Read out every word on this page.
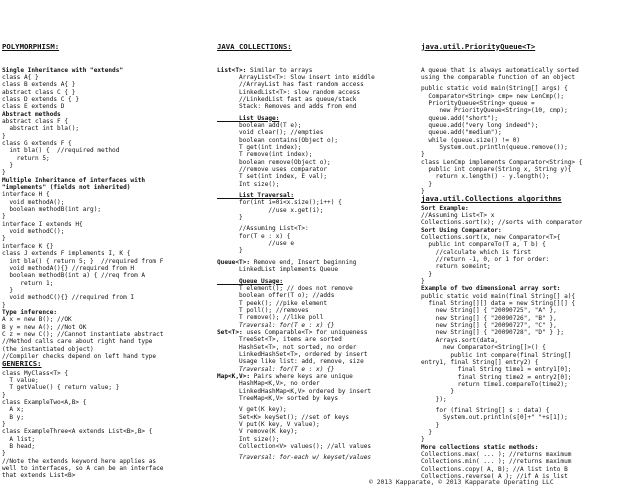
POLYMORPHISM:

Single Inheritance with "extends"
class A{ }
class B extends A{ }
abstract class C { }
class D extends C { }
class E extends D
Abstract methods
abstract class F {
abstract int bla();
}
class G extends F {
int bla() {  //required method
return 5;
}
}
Multiple Inheritance of interfaces with
"implements" (fields not inherited)
interface H {
void methodA();
boolean methodB(int arg);
}
interface I extends H{
void methodC();
}
interface K {}
class J extends F implements I, K {
int bla() { return 5; }  //required from F
void methodA(){} //required from H
boolean methodB(int a) { //req from A
return 1;
}
void methodC(){} //required from I
}
Type inference:
A x = new B(); //OK
B y = new A(); //Not OK
C z = new C(); //Cannot instantiate abstract
//Method calls care about right hand type
(the instantiated object)
//Compiler checks depend on left hand type
GENERICS:
class MyClass<T> {
T value;
T getValue() { return value; }
}
class ExampleTwo<A,B> {
A x;
B y;
}
class ExampleThree<A extends List<B>,B> {
A list;
B head;
}
//Note the extends keyword here applies as
well to interfaces, so A can be an interface
that extends List<B>

JAVA COLLECTIONS:

List<T>: Similar to arrays
ArrayList<T>: Slow insert into middle
//ArrayList has fast random access
LinkedList<T>: slow random access
//LinkedList fast as queue/stack
Stack: Removes and adds from end
List Usage:
boolean add(T e);
void clear(); //empties
boolean contains(Object o);
T get(int index);
T remove(int index);
boolean remove(Object o);
//remove uses comparator
T set(int index, E val);
Int size();
List Traversal:
for(int i=0i<x.size();i++) {
//use x.get(i);
}
//Assuming List<T>:
for(T e : x) {
//use e
}
Queue<T>: Remove end, Insert beginning
LinkedList implements Queue
Queue Usage:
T element(); // does not remove
boolean offer(T o); //adds
T peek(); //pike element
T poll(); //removes
T remove(); //like poll
Traversal: for(T e : x) {}
Set<T>: uses Comparable<T> for uniqueness
TreeSet<T>, items are sorted
HashSet<T>, not sorted, no order
LinkedHashSet<T>, ordered by insert
Usage like list: add, remove, size
Traversal: for(T e : x) {}
Map<K,V>: Pairs where keys are unique
HashMap<K,V>, no order
LinkedHashMap<K,V> ordered by insert
TreeMap<K,V> sorted by keys
V get(K key);
Set<K> keySet(); //set of keys
V put(K key, V value);
V remove(K key);
Int size();
Collection<V> values(); //all values
Traversal: for-each w/ keyset/values

java.util.PriorityQueue<T>

A queue that is always automatically sorted
using the comparable function of an object
public static void main(String[] args) {
Comparator<String> cmp= new LenCmp();
PriorityQueue<String> queue =
new PriorityQueue<String>(10, cmp);
queue.add("short");
queue.add("very long indeed");
queue.add("medium");
while (queue.size() != 0)
System.out.println(queue.remove());
}
class LenCmp implements Comparator<String> {
public int compare(String x, String y){
return x.length() - y.length();
}
}
java.util.Collections algorithms
Sort Example:
//Assuming List<T> x
Collections.sort(x); //sorts with comparator
Sort Using Comparator:
Collections.sort(x, new Comparator<T>{
public int compareTo(T a, T b) {
//calculate which is first
//return -1, 0, or 1 for order:
return someint;
}
}
Example of two dimensional array sort:
public static void main(final String[] a){
final String[][] data = new String[][] {
new String[] { "20090725", "A" },
new String[] { "20090726", "B" },
new String[] { "20090727", "C" },
new String[] { "20090728", "D" } };
Arrays.sort(data,
new Comparator<String[]>() {
public int compare(final String[]
entry1, final String[] entry2) {
final String time1 = entry1[0];
final String time2 = entry2[0];
return time1.compareTo(time2);
}
});
for (final String[] s : data) {
System.out.println(s[0]+" "+s[1]);
}
}
}
More collections static methods:
Collections.max( ... ); //returns maximum
Collections.min( ... ); //returns maximum
Collections.copy( A, B); //A list into B
Collections.reverse( A ); //if A is list
© 2013 Kapparate, © 2013 Kapparate Operating LLC
